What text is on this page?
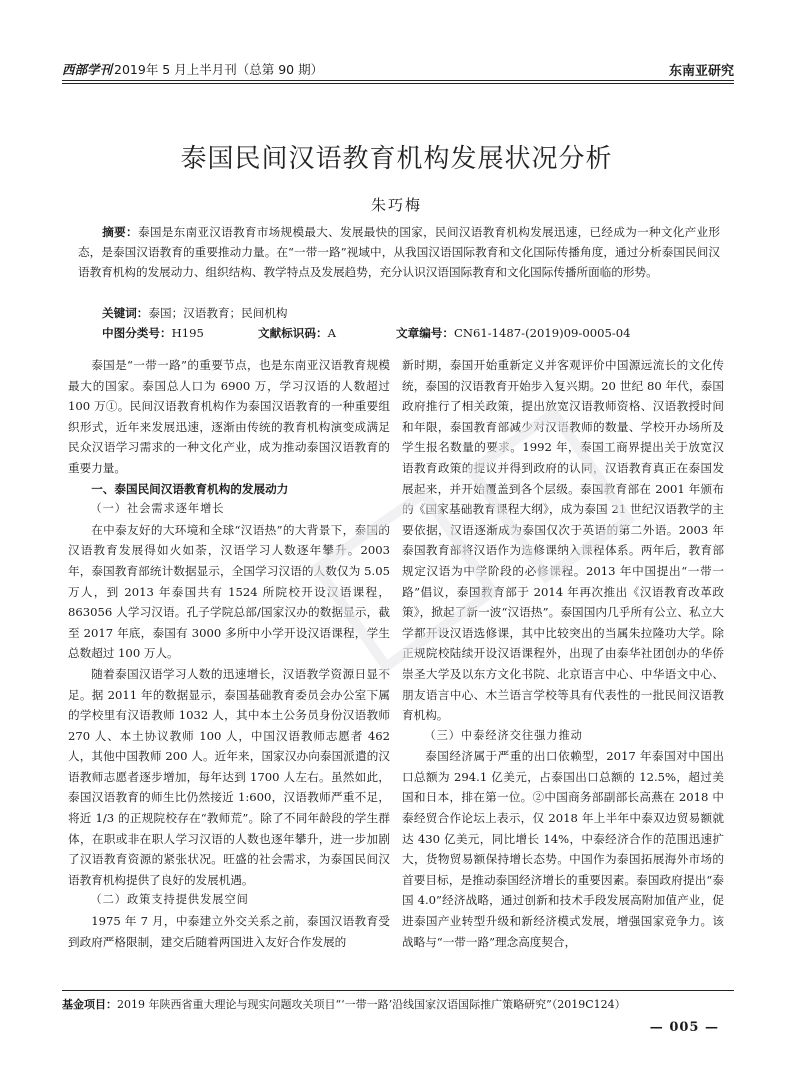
西部学刊 2019年 5 月上半月刊（总第 90 期）	东南亚研究
泰国民间汉语教育机构发展状况分析
朱巧梅
摘要：泰国是东南亚汉语教育市场规模最大、发展最快的国家，民间汉语教育机构发展迅速，已经成为一种文化产业形态，是泰国汉语教育的重要推动力量。在“一带一路”视域中，从我国汉语国际教育和文化国际传播角度，通过分析泰国民间汉语教育机构的发展动力、组织结构、教学特点及发展趋势，充分认识汉语国际教育和文化国际传播所面临的形势。
关键词：泰国；汉语教育；民间机构
中图分类号：H195	文献标识码：A	文章编号：CN61-1487-(2019)09-0005-04

泰国是“一带一路”的重要节点，也是东南亚汉语教育规模最大的国家。泰国总人口为 6900 万，学习汉语的人数超过 100 万①。民间汉语教育机构作为泰国汉语教育的一种重要组织形式，近年来发展迅速，逐渐由传统的教育机构演变成满足民众汉语学习需求的一种文化产业，成为推动泰国汉语教育的重要力量。

一、泰国民间汉语教育机构的发展动力
（一）社会需求逐年增长

在中泰友好的大环境和全球“汉语热”的大背景下，泰国的汉语教育发展得如火如荼，汉语学习人数逐年攀升。2003 年，泰国教育部统计数据显示，全国学习汉语的人数仅为 5.05 万人，到 2013 年泰国共有 1524 所院校开设汉语课程，863056 人学习汉语。孔子学院总部/国家汉办的数据显示，截至 2017 年底，泰国有 3000 多所中小学开设汉语课程，学生总数超过 100 万人。

随着泰国汉语学习人数的迅速增长，汉语教学资源日显不足。据 2011 年的数据显示，泰国基础教育委员会办公室下属的学校里有汉语教师 1032 人，其中本土公务员身份汉语教师 270 人、本土协议教师 100 人，中国汉语教师志愿者 462 人，其他中国教师 200 人。近年来，国家汉办向泰国派遣的汉语教师志愿者逐步增加，每年达到 1700 人左右。虽然如此，泰国汉语教育的师生比仍然接近 1:600，汉语教师严重不足，将近 1/3 的正规院校存在“教师荒”。除了不同年龄段的学生群体，在职或非在职人学习汉语的人数也逐年攀升，进一步加剧了汉语教育资源的紧张状况。旺盛的社会需求，为泰国民间汉语教育机构提供了良好的发展机遇。

（二）政策支持提供发展空间

1975 年 7 月，中泰建立外交关系之前，泰国汉语教育受到政府严格限制，建交后随着两国进入友好合作发展的

新时期，泰国开始重新定义并客观评价中国源远流长的文化传统，泰国的汉语教育开始步入复兴期。20 世纪 80 年代，泰国政府推行了相关政策，提出放宽汉语教师资格、汉语教授时间和年限，泰国教育部减少对汉语教师的数量、学校开办场所及学生报名数量的要求。1992 年，泰国工商界提出关于放宽汉语教育政策的提议并得到政府的认同，汉语教育真正在泰国发展起来，并开始覆盖到各个层级。泰国教育部在 2001 年颁布的《国家基础教育课程大纲》，成为泰国 21 世纪汉语教学的主要依据，汉语逐渐成为泰国仅次于英语的第二外语。2003 年泰国教育部将汉语作为选修课纳入课程体系。两年后，教育部规定汉语为中学阶段的必修课程。2013 年中国提出“一带一路”倡议，泰国教育部于 2014 年再次推出《汉语教育改革政策》，掀起了新一波“汉语热”。泰国国内几乎所有公立、私立大学都开设汉语选修课，其中比较突出的当属朱拉隆功大学。除正规院校陆续开设汉语课程外，出现了由泰华社团创办的华侨崇圣大学及以东方文化书院、北京语言中心、中华语文中心、朋友语言中心、木兰语言学校等具有代表性的一批民间汉语教育机构。

（三）中泰经济交往强力推动

泰国经济属于严重的出口依赖型，2017 年泰国对中国出口总额为 294.1 亿美元，占泰国出口总额的 12.5%，超过美国和日本，排在第一位。②中国商务部副部长高燕在 2018 中泰经贸合作论坛上表示，仅 2018 年上半年中泰双边贸易额就达 430 亿美元，同比增长 14%，中泰经济合作的范围迅速扩大，货物贸易额保持增长态势。中国作为泰国拓展海外市场的首要目标，是推动泰国经济增长的重要因素。泰国政府提出“泰国 4.0”经济战略，通过创新和技术手段发展高附加值产业，促进泰国产业转型升级和新经济模式发展，增强国家竞争力。该战略与“一带一路”理念高度契合，

基金项目：2019 年陕西省重大理论与现实问题攻关项目“‘一带一路’沿线国家汉语国际推广策略研究”（2019C124）
— 005 —
